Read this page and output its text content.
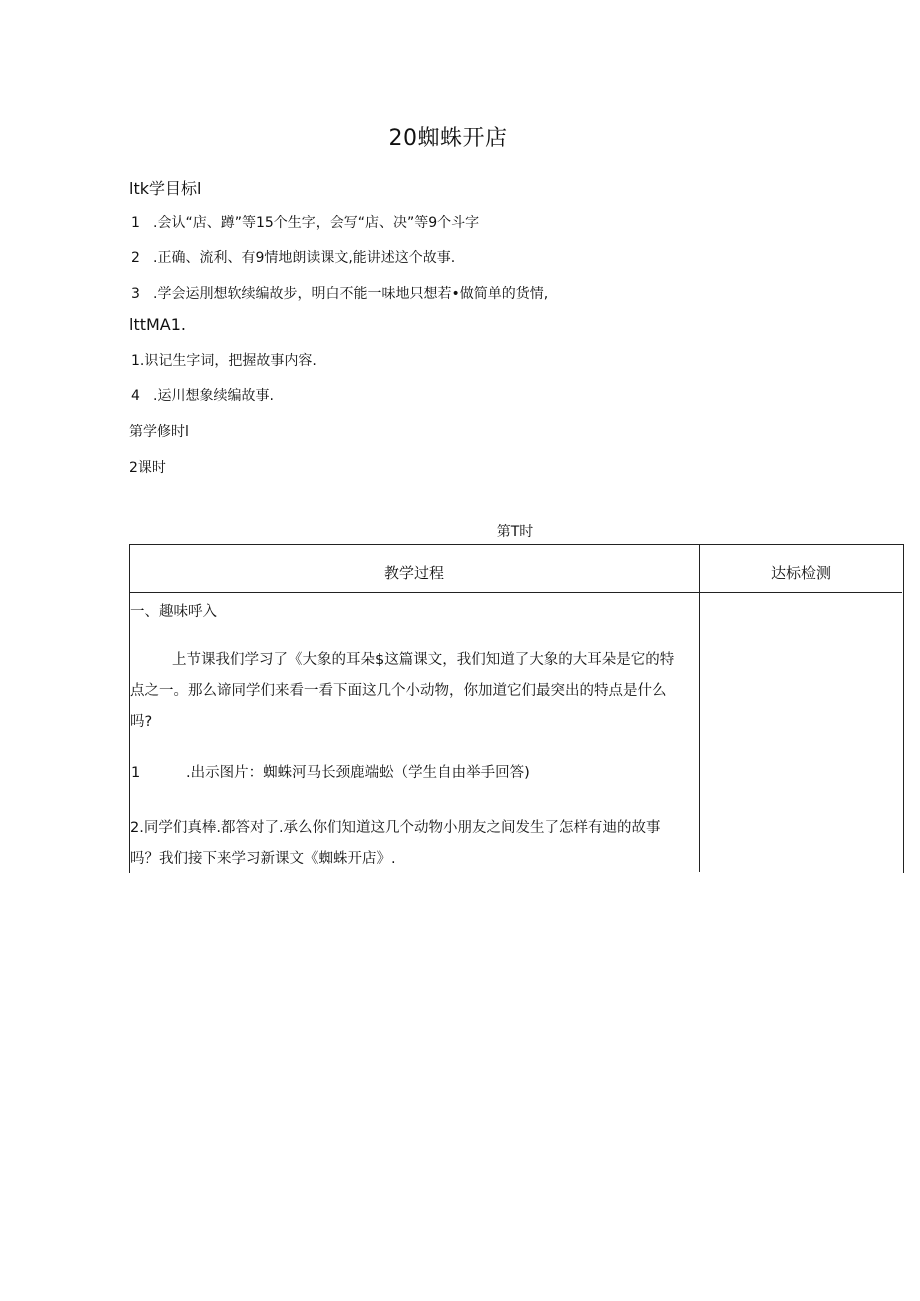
20蜘蛛开店
ltk学目标l
1 .会认“店、蹲”等15个生字，会写“店、决”等9个斗字
2 .正确、流利、有9情地朗读课文,能讲述这个故事.
3 .学会运刖想软续编故步，明白不能一味地只想若•做简单的货情,
lttMA1.
1.识记生字词，把握故事内容.
4 .运川想象续编故事.
第学修时l
2课时
第T时
教学过程	达标检测
一、趣味呼入
上节课我们学习了《大象的耳朵$这篇课文，我们知道了大象的大耳朵是它的特
点之一。那么谛同学们来看一看下面这几个小动物，你加道它们最突出的特点是什么
吗?
1	.出示图片：蜘蛛河马长颈鹿端蚣（学生自由举手回答)
2.同学们真棒.都答对了.承么你们知道这几个动物小朋友之间发生了怎样有迪的故事
吗？我们接下来学习新课文《蜘蛛开店》.
